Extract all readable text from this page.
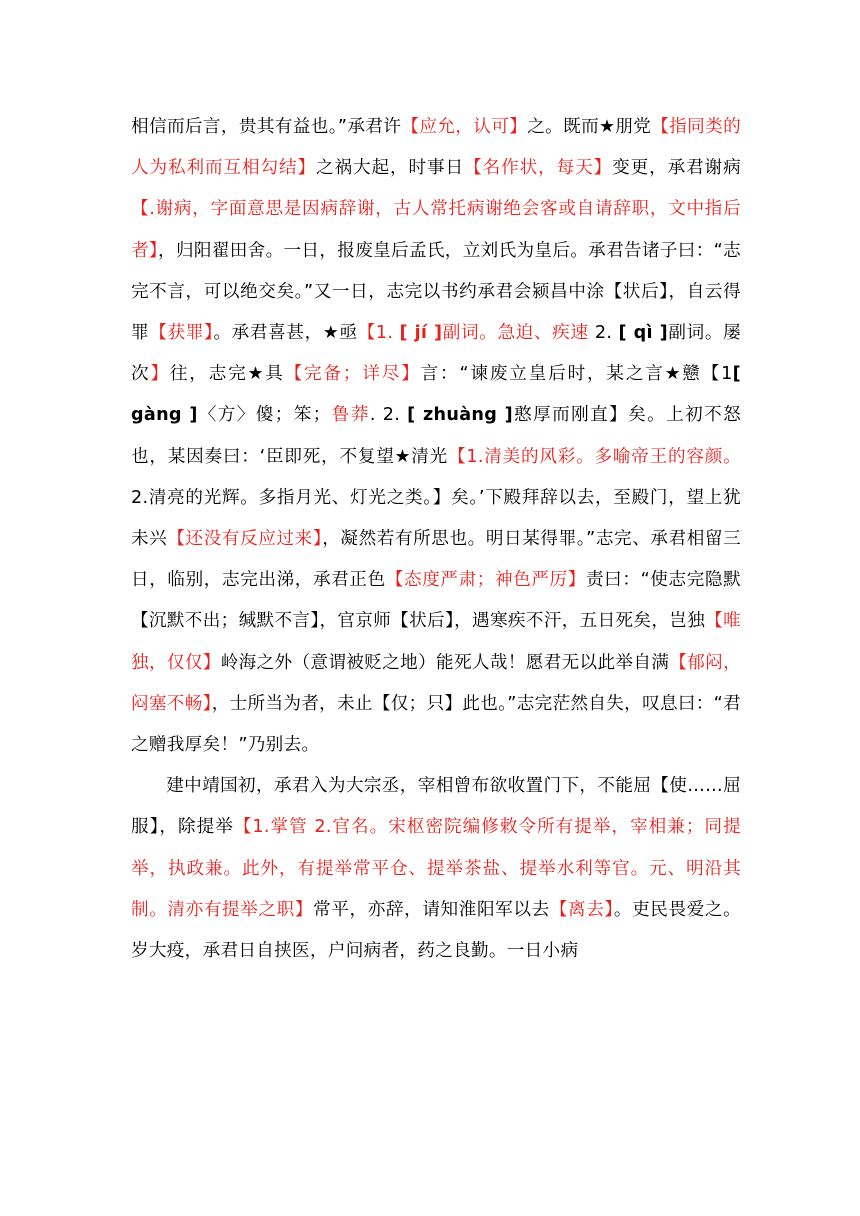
相信而后言，贵其有益也。”承君许【应允，认可】之。既而★朋党【指同类的人为私利而互相勾结】之祸大起，时事日【名作状，每天】变更，承君谢病【.谢病，字面意思是因病辞谢，古人常托病谢绝会客或自请辞职，文中指后者】，归阳翟田舍。一日，报废皇后孟氏，立刘氏为皇后。承君告诸子曰：“志完不言，可以绝交矣。”又一日，志完以书约承君会颍昌中涂【状后】，自云得罪【获罪】。承君喜甚，★亟【1. [ jí ]副词。急迫、疾速 2. [ qì ]副词。屡次】往，志完★具【完备；详尽】言：“谏废立皇后时，某之言★戆【1[ gàng ]〈方〉傻；笨；鲁莽. 2. [ zhuàng ]憨厚而刚直】矣。上初不怒也，某因奏曰：‘臣即死，不复望★清光【1.清美的风彩。多喻帝王的容颜。2.清亮的光辉。多指月光、灯光之类。】矣。’下殿拜辞以去，至殿门，望上犹未兴【还没有反应过来】，凝然若有所思也。明日某得罪。”志完、承君相留三日，临别，志完出涕，承君正色【态度严肃；神色严厉】责曰：“使志完隐默【沉默不出；缄默不言】，官京师【状后】，遇寒疾不汗，五日死矣，岂独【唯独，仅仅】岭海之外（意谓被贬之地）能死人哉！愿君无以此举自满【郁闷，闷塞不畅】，士所当为者，未止【仅；只】此也。”志完茫然自失，叹息曰：“君之赠我厚矣！”乃别去。

建中靖国初，承君入为大宗丞，宰相曾布欲收置门下，不能屈【使……屈服】，除提举【1.掌管 2.官名。宋枢密院编修敕令所有提举，宰相兼；同提举，执政兼。此外，有提举常平仓、提举茶盐、提举水利等官。元、明沿其制。清亦有提举之职】常平，亦辞，请知淮阳军以去【离去】。吏民畏爱之。岁大疫，承君日自挟医，户问病者，药之良勤。一日小病
